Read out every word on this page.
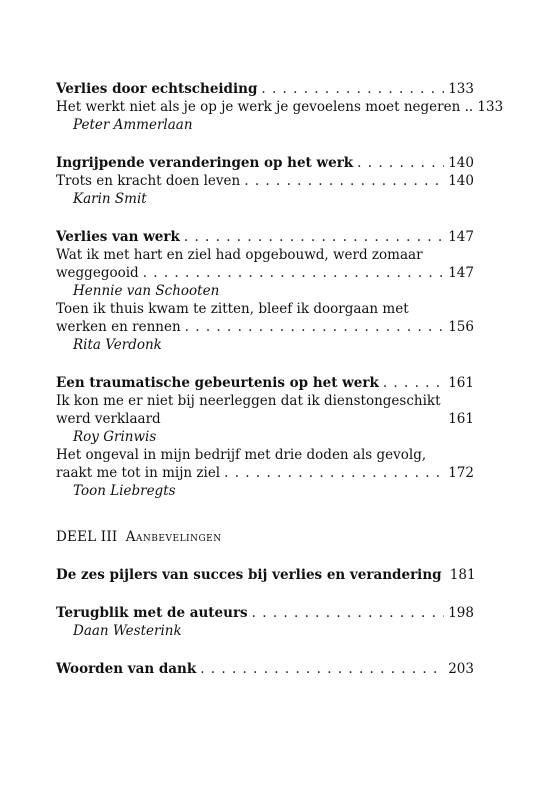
Verlies door echtscheiding . . .	133
Het werkt niet als je op je werk je gevoelens moet negeren .. 133
Peter Ammerlaan
Ingrijpende veranderingen op het werk . . .	140
Trots en kracht doen leven . . .	140
Karin Smit
Verlies van werk . . .	147
Wat ik met hart en ziel had opgebouwd, werd zomaar
weggegooid . . .	147
Hennie van Schooten
Toen ik thuis kwam te zitten, bleef ik doorgaan met
werken en rennen . . .	156
Rita Verdonk
Een traumatische gebeurtenis op het werk . . .	161
Ik kon me er niet bij neerleggen dat ik dienstongeschikt
werd verklaard	161
Roy Grinwis
Het ongeval in mijn bedrijf met drie doden als gevolg,
raakt me tot in mijn ziel . . .	172
Toon Liebregts
DEEL III Aanbevelingen
De zes pijlers van succes bij verlies en verandering 181
Terugblik met de auteurs . . .	198
Daan Westerink
Woorden van dank . . .	203
